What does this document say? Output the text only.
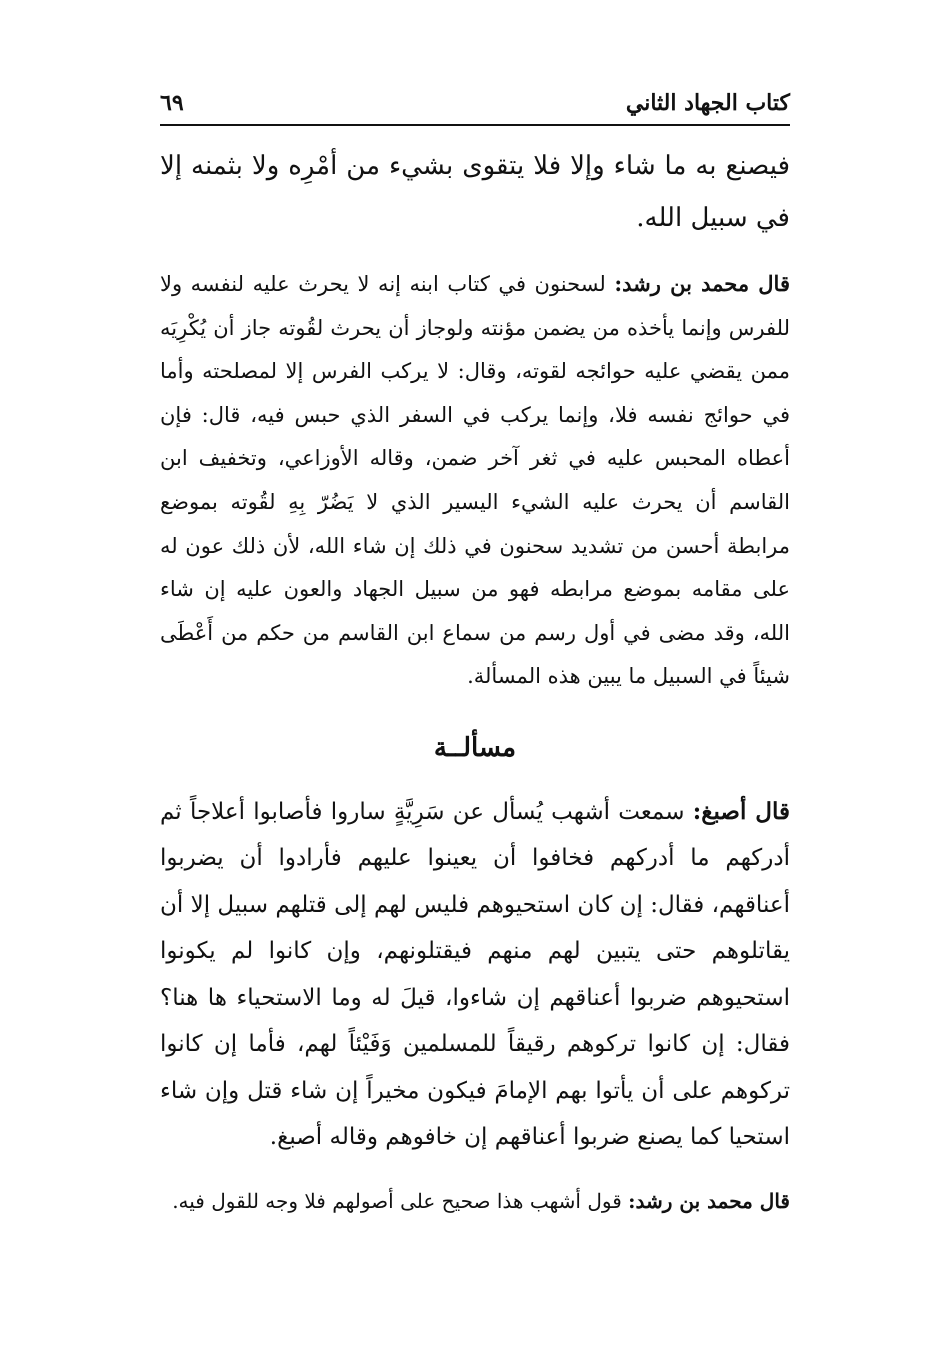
كتاب الجهاد الثاني
٦٩

فيصنع به ما شاء وإلا فلا يتقوى بشيء من أمْرِه ولا بثمنه إلا في سبيل الله.

قال محمد بن رشد: لسحنون في كتاب ابنه إنه لا يحرث عليه لنفسه ولا للفرس وإنما يأخذه من يضمن مؤنته ولوجاز أن يحرث لقُوته جاز أن يُكْرِيَه ممن يقضي عليه حوائجه لقوته، وقال: لا يركب الفرس إلا لمصلحته وأما في حوائج نفسه فلا، وإنما يركب في السفر الذي حبس فيه، قال: فإن أعطاه المحبس عليه في ثغر آخر ضمن، وقاله الأوزاعي، وتخفيف ابن القاسم أن يحرث عليه الشيء اليسير الذي لا يَضُرّ بِهِ لقُوته بموضع مرابطة أحسن من تشديد سحنون في ذلك إن شاء الله، لأن ذلك عون له على مقامه بموضع مرابطه فهو من سبيل الجهاد والعون عليه إن شاء الله، وقد مضى في أول رسم من سماع ابن القاسم من حكم من أَعْطَى شيئاً في السبيل ما يبين هذه المسألة.

مسألــة

قال أصبغ: سمعت أشهب يُسأل عن سَرِيَّةٍ ساروا فأصابوا أعلاجاً ثم أدركهم ما أدركهم فخافوا أن يعينوا عليهم فأرادوا أن يضربوا أعناقهم، فقال: إن كان استحيوهم فليس لهم إلى قتلهم سبيل إلا أن يقاتلوهم حتى يتبين لهم منهم فيقتلونهم، وإن كانوا لم يكونوا استحيوهم ضربوا أعناقهم إن شاءوا، قيلَ له وما الاستحياء ها هنا؟ فقال: إن كانوا تركوهم رقيقاً للمسلمين وَفَيْئاً لهم، فأما إن كانوا تركوهم على أن يأتوا بهم الإمامَ فيكون مخيراً إن شاء قتل وإن شاء استحيا كما يصنع ضربوا أعناقهم إن خافوهم وقاله أصبغ.

قال محمد بن رشد: قول أشهب هذا صحيح على أصولهم فلا وجه للقول فيه.
